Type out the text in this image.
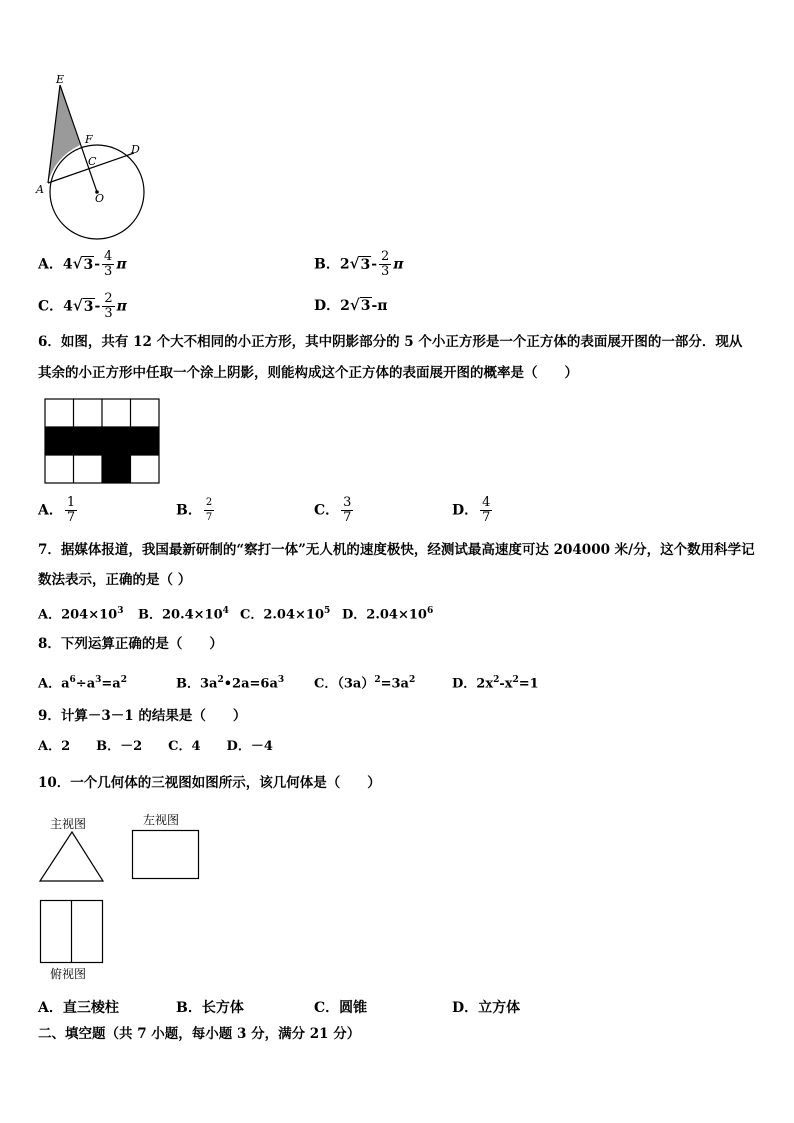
E
F
C
D
A
O
A．$4√3- \frac{4}{3}$ π	B．$2√3- \frac{2}{3}$ π
C．$4√3- \frac{2}{3}$ π	D．2√3-π
6．如图，共有 12 个大不相同的小正方形，其中阴影部分的 5 个小正方形是一个正方体的表面展开图的一部分．现从
其余的小正方形中任取一个涂上阴影，则能构成这个正方体的表面展开图的概率是（　　）
A． $\frac{1}{7}$	B． $\frac{2}{7}$	C． $\frac{3}{7}$	D． $\frac{4}{7}$
7．据媒体报道，我国最新研制的“察打一体”无人机的速度极快，经测试最高速度可达 204000 米/分，这个数用科学记
数法表示，正确的是（ ）
A．$204\times 10^3$ B．$20.4\times 10^4$ C．$2.04\times 10^5$ D．$2.04\times 10^6$
8．下列运算正确的是（　　）
A．$a^6\div a^3=a^2$	B．$3a^2•2a=6a^3$ C．$(3a)^2=3a^2$	D．$2x^2-x^2=1$
9．计算－3－1 的结果是（　　）
A．2　　B．－2　　C．4　　D．－4
10．一个几何体的三视图如图所示，该几何体是（　　）
主视图	左视图
俯视图
A．直三棱柱	B．长方体	C．圆锥	D．立方体
二、填空题（共 7 小题，每小题 3 分，满分 21 分）
